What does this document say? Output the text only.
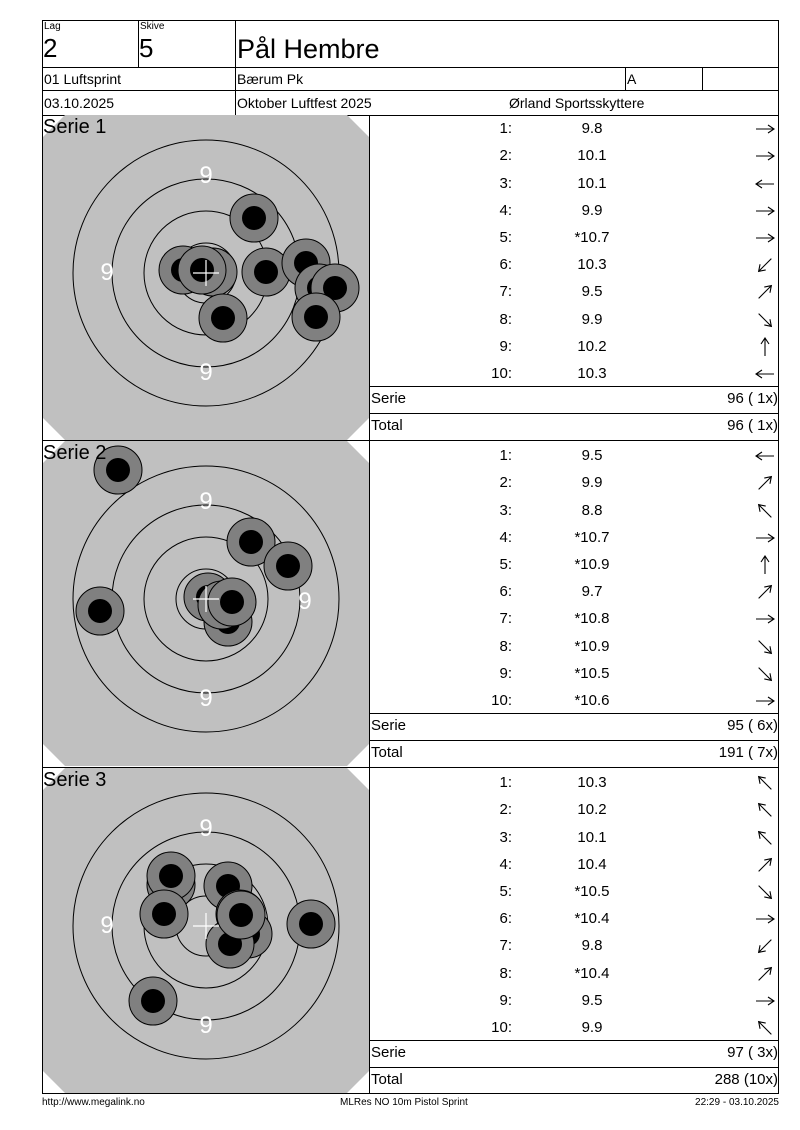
Lag
2
Skive
5	Pål Hembre
01 Luftsprint	Bærum Pk	A
03.10.2025	Oktober Luftfest 2025	Ørland Sportsskyttere
9
9
9
Serie 1	1:	9.8
2:	10.1
3:	10.1
4:	9.9
5:	*10.7
6:	10.3
7:	9.5
8:	9.9
9:	10.2
10:	10.3
Serie	96 ( 1x)
Total	96 ( 1x)
9
9
9
Serie 2	1:	9.5
2:	9.9
3:	8.8
4:	*10.7
5:	*10.9
6:	9.7
7:	*10.8
8:	*10.9
9:	*10.5
10:	*10.6
Serie	95 ( 6x)
Total	191 ( 7x)
9
9
9
Serie 3	1:	10.3
2:	10.2
3:	10.1
4:	10.4
5:	*10.5
6:	*10.4
7:	9.8
8:	*10.4
9:	9.5
10:	9.9
Serie	97 ( 3x)
Total	288 (10x)
http://www.megalink.no	MLRes NO 10m Pistol Sprint	22:29 - 03.10.2025
